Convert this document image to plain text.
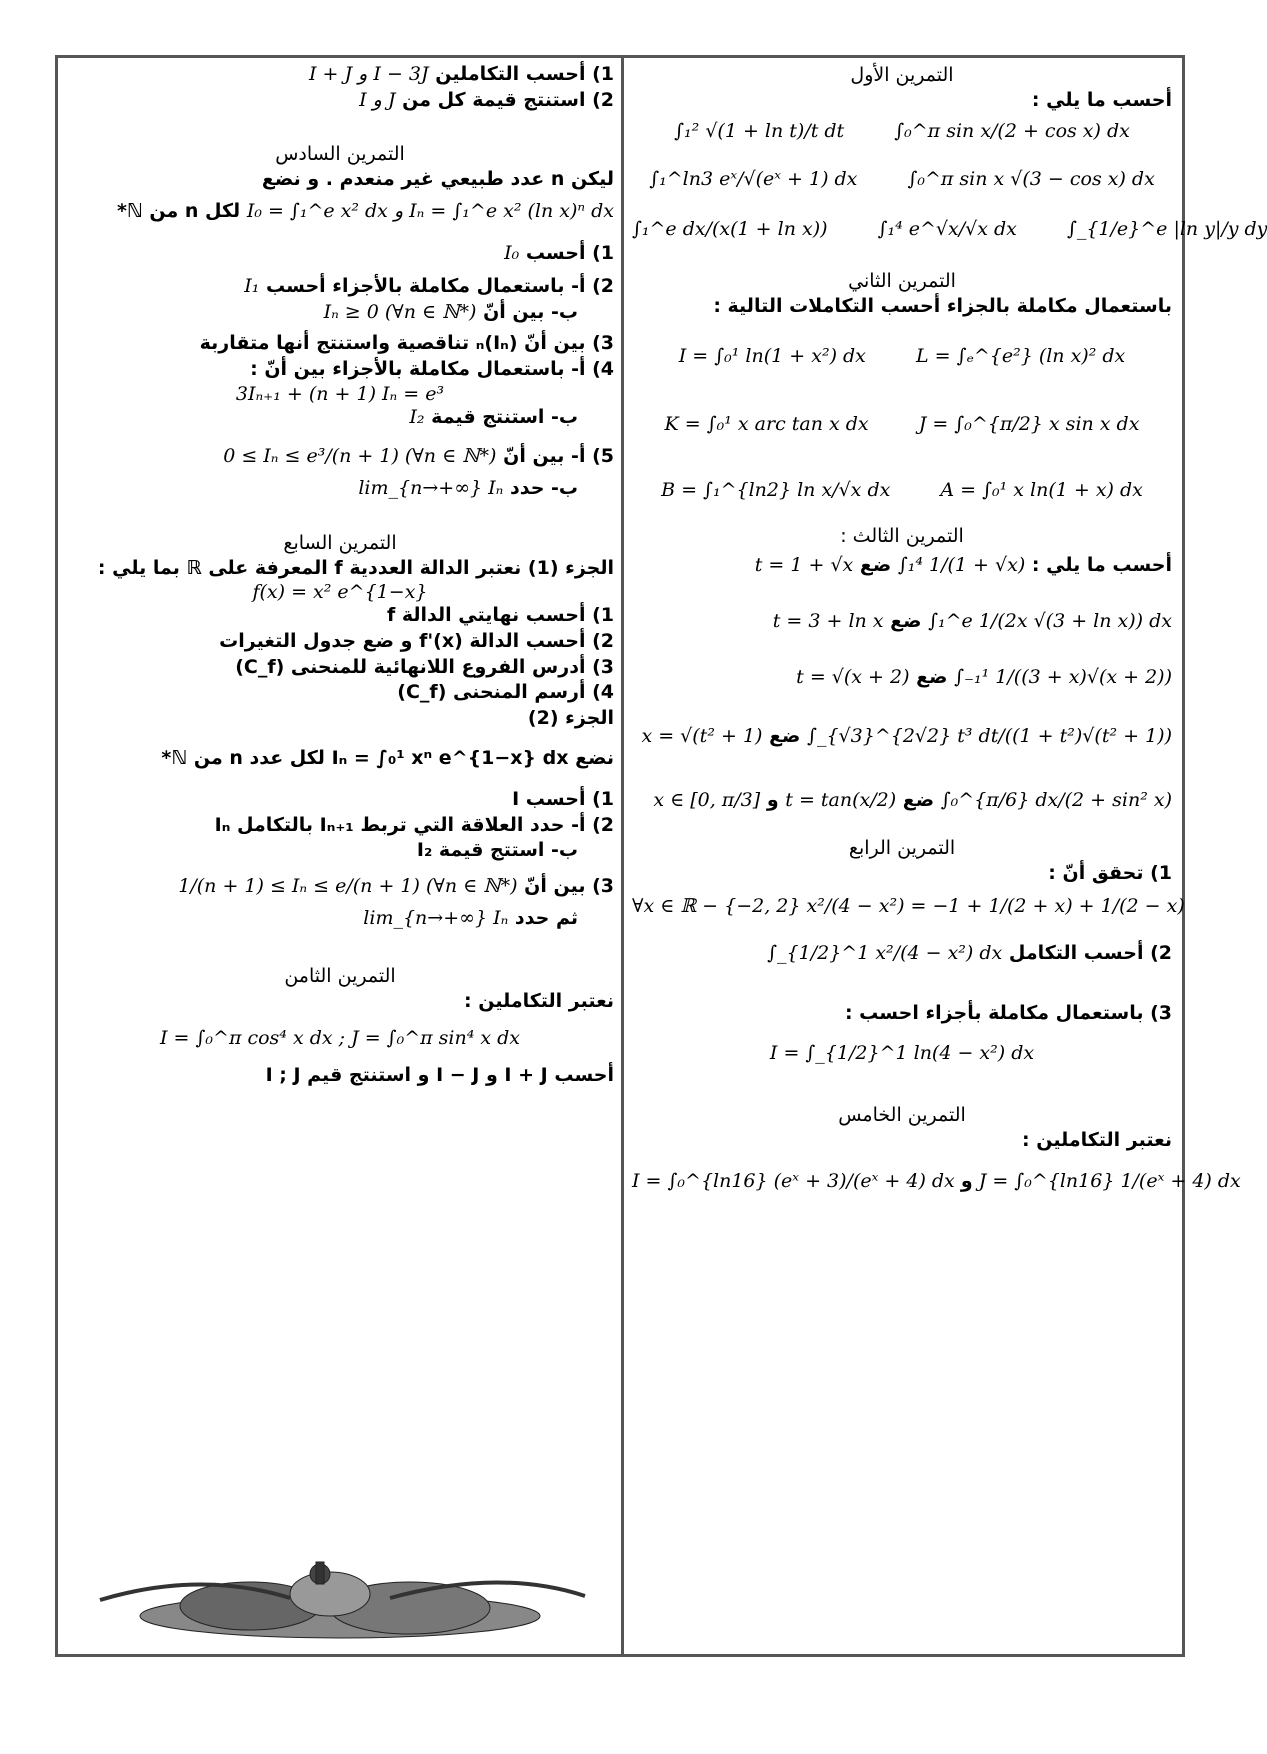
التمرين الأول
أحسب ما يلي :
∫₁² √(1 + ln t)/t dt	∫₀^π sin x/(2 + cos x) dx
∫₁^ln3 eˣ/√(eˣ + 1) dx	∫₀^π sin x √(3 − cos x) dx
∫₁^e dx/(x(1 + ln x))	∫₁⁴ e^√x/√x dx	∫_{1/e}^e |ln y|/y dy
التمرين الثاني
باستعمال مكاملة بالجزاء أحسب التكاملات التالية :
I = ∫₀¹ ln(1 + x²) dx	L = ∫ₑ^{e²} (ln x)² dx
K = ∫₀¹ x arc tan x dx	J = ∫₀^{π/2} x sin x dx
B = ∫₁^{ln2} ln x/√x dx	A = ∫₀¹ x ln(1 + x) dx
التمرين الثالث :
أحسب ما يلي : ∫₁⁴ 1/(1 + √x) ضع t = 1 + √x
∫₁^e 1/(2x √(3 + ln x)) dx ضع t = 3 + ln x
∫₋₁¹ 1/((3 + x)√(x + 2)) ضع t = √(x + 2)
∫_{√3}^{2√2} t³ dt/((1 + t²)√(t² + 1)) ضع x = √(t² + 1)
∫₀^{π/6} dx/(2 + sin² x) ضع t = tan(x/2) و x ∈ [0, π/3]
التمرين الرابع
1) تحقق أنّ :
∀x ∈ ℝ − {−2, 2} x²/(4 − x²) = −1 + 1/(2 + x) + 1/(2 − x)
2) أحسب التكامل ∫_{1/2}^1 x²/(4 − x²) dx
3) باستعمال مكاملة بأجزاء احسب :
I = ∫_{1/2}^1 ln(4 − x²) dx
التمرين الخامس
نعتبر التكاملين :
I = ∫₀^{ln16} (eˣ + 3)/(eˣ + 4) dx و J = ∫₀^{ln16} 1/(eˣ + 4) dx
1) أحسب التكاملين I + J و I − 3J
2) استنتج قيمة كل من I و J
التمرين السادس
ليكن n عدد طبيعي غير منعدم . و نضع
I₀ = ∫₁^e x² dx و Iₙ = ∫₁^e x² (ln x)ⁿ dx لكل n من ℕ*
1) أحسب I₀
2) أ- باستعمال مكاملة بالأجزاء أحسب I₁
ب- بين أنّ Iₙ ≥ 0 (∀n ∈ ℕ*)
3) بين أنّ (Iₙ)ₙ تناقصية واستنتج أنها متقاربة
4) أ- باستعمال مكاملة بالأجزاء بين أنّ :
3Iₙ₊₁ + (n + 1) Iₙ = e³
ب- استنتج قيمة I₂
5) أ- بين أنّ 0 ≤ Iₙ ≤ e³/(n + 1) (∀n ∈ ℕ*)
ب- حدد lim_{n→+∞} Iₙ
التمرين السابع
الجزء (1) نعتبر الدالة العددية f المعرفة على ℝ بما يلي :
f(x) = x² e^{1−x}
1) أحسب نهايتي الدالة f
2) أحسب الدالة f'(x) و ضع جدول التغيرات
3) أدرس الفروع اللانهائية للمنحنى (C_f)
4) أرسم المنحنى (C_f)
الجزء (2)
نضع Iₙ = ∫₀¹ xⁿ e^{1−x} dx لكل عدد n من ℕ*
1) أحسب I
2) أ- حدد العلاقة التي تربط Iₙ₊₁ بالتكامل Iₙ
ب- استتج قيمة I₂
3) بين أنّ 1/(n + 1) ≤ Iₙ ≤ e/(n + 1) (∀n ∈ ℕ*)
ثم حدد lim_{n→+∞} Iₙ
التمرين الثامن
نعتبر التكاملين :
I = ∫₀^π cos⁴ x dx ; J = ∫₀^π sin⁴ x dx
أحسب I + J و I − J و استنتج قيم I ; J
